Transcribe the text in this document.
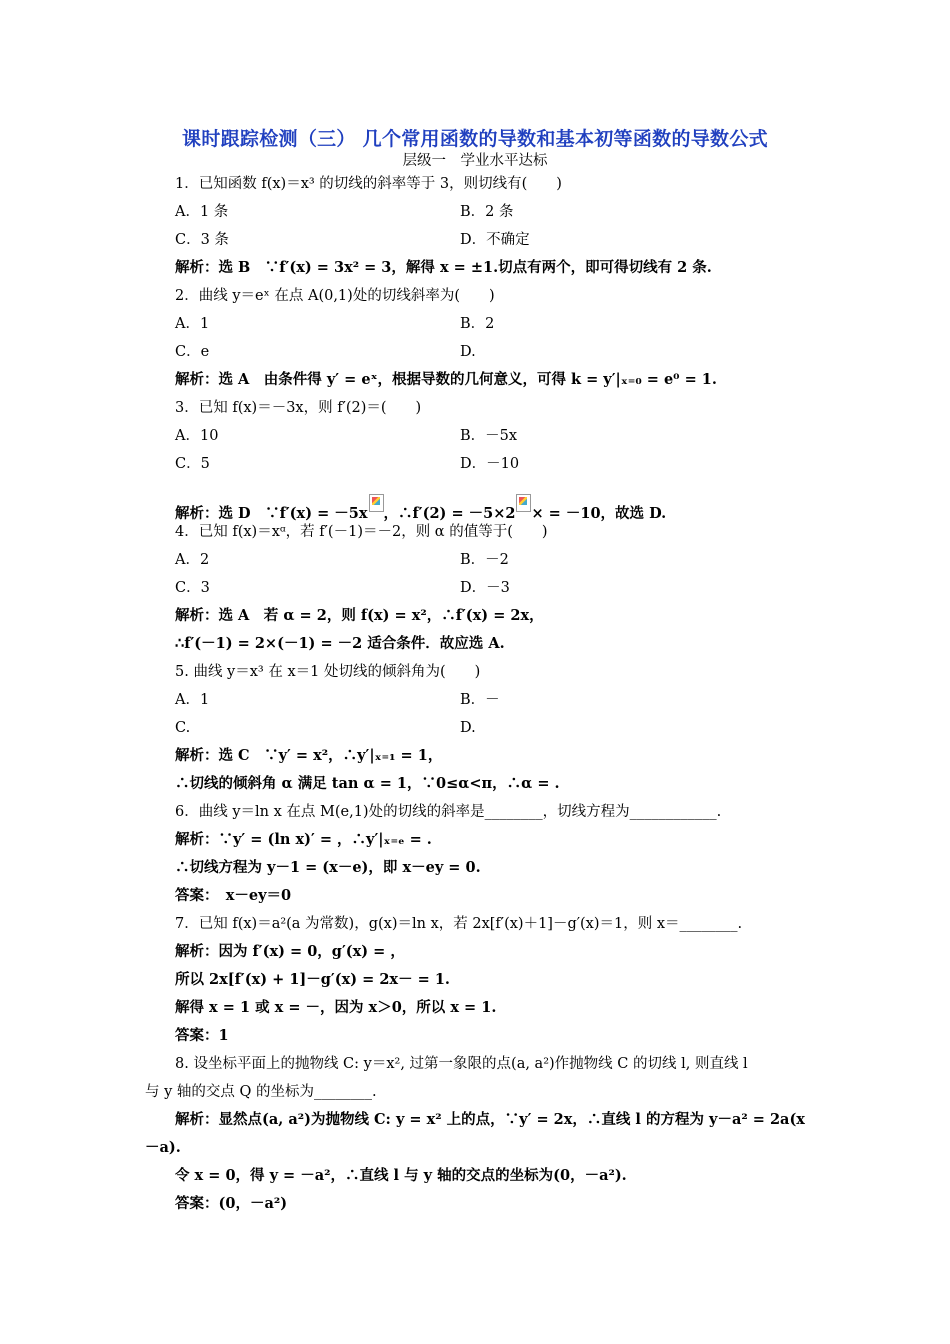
课时跟踪检测（三） 几个常用函数的导数和基本初等函数的导数公式
层级一　学业水平达标
1．已知函数 f(x)＝x³ 的切线的斜率等于 3，则切线有(　　)
A．1 条	B．2 条
C．3 条	D．不确定
解析：选 B　∵f′(x) = 3x² = 3，解得 x = ±1.切点有两个，即可得切线有 2 条.
2．曲线 y＝eˣ 在点 A(0,1)处的切线斜率为(　　)
A．1	B．2
C．e	D.
解析：选 A　由条件得 y′ = eˣ，根据导数的几何意义，可得 k = y′|ₓ₌₀ = e⁰ = 1.
3．已知 f(x)＝－3x，则 f′(2)＝(　　)
A．10	B．－5x
C．5	D．－10
解析：选 D　∵f′(x) = －5x ，∴f′(2) = －5×2 × = －10，故选 D.
4．已知 f(x)＝xᵅ，若 f′(－1)＝－2，则 α 的值等于(　　)
A．2	B．－2
C．3	D．－3
解析：选 A　若 α = 2，则 f(x) = x²，∴f′(x) = 2x，
∴f′(－1) = 2×(－1) = －2 适合条件．故应选 A.
5. 曲线 y＝x³ 在 x＝1 处切线的倾斜角为(　　)
A．1	B．－
C.	D.
解析：选 C　∵y′ = x²，∴y′|ₓ₌₁ = 1，
∴切线的倾斜角 α 满足 tan α = 1，∵0≤α<π，∴α = .
6．曲线 y＝ln x 在点 M(e,1)处的切线的斜率是________，切线方程为____________.
解析：∵y′ = (ln x)′ = ，∴y′|ₓ₌ₑ = .
∴切线方程为 y－1 = (x－e)，即 x－ey = 0.
答案：　x－ey＝0
7．已知 f(x)＝a²(a 为常数)，g(x)＝ln x，若 2x[f′(x)＋1]－g′(x)＝1，则 x＝________.
解析：因为 f′(x) = 0，g′(x) = ，
所以 2x[f′(x) + 1]－g′(x) = 2x－ = 1.
解得 x = 1 或 x = －，因为 x＞0，所以 x = 1.
答案：1
8. 设坐标平面上的抛物线 C: y＝x², 过第一象限的点(a, a²)作抛物线 C 的切线 l, 则直线 l
与 y 轴的交点 Q 的坐标为________.
解析：显然点(a, a²)为抛物线 C: y = x² 上的点，∵y′ = 2x，∴直线 l 的方程为 y－a² = 2a(x
－a).
令 x = 0，得 y = －a²，∴直线 l 与 y 轴的交点的坐标为(0，－a²).
答案：(0，－a²)
